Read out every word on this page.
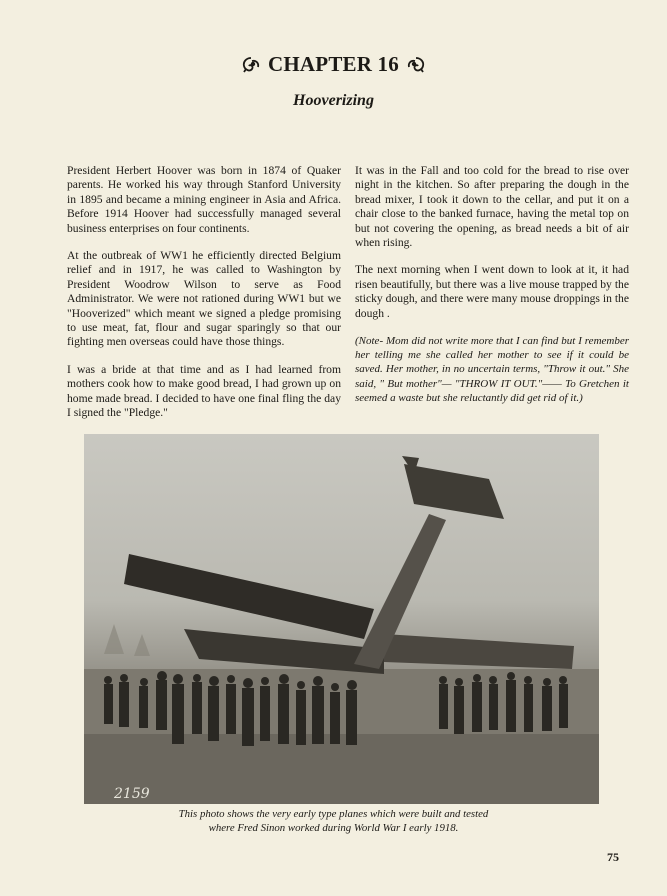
CHAPTER 16
Hooverizing

President Herbert Hoover was born in 1874 of Quaker parents. He worked his way through Stanford University in 1895 and became a mining engineer in Asia and Africa. Before 1914 Hoover had successfully managed several business enterprises on four continents.

At the outbreak of WW1 he efficiently directed Belgium relief and in 1917, he was called to Washington by President Woodrow Wilson to serve as Food Administrator. We were not rationed during WW1 but we "Hooverized" which meant we signed a pledge promising to use meat, fat, flour and sugar sparingly so that our fighting men overseas could have those things.

I was a bride at that time and as I had learned from mothers cook how to make good bread, I had grown up on home made bread. I decided to have one final fling the day I signed the "Pledge."

It was in the Fall and too cold for the bread to rise over night in the kitchen. So after preparing the dough in the bread mixer, I took it down to the cellar, and put it on a chair close to the banked furnace, having the metal top on but not covering the opening, as bread needs a bit of air when rising.

The next morning when I went down to look at it, it had risen beautifully, but there was a live mouse trapped by the sticky dough, and there were many mouse droppings in the dough .

(Note- Mom did not write more that I can find but I remember her telling me she called her mother to see if it could be saved. Her mother, in no uncertain terms, "Throw it out." She said, " But mother"— "THROW IT OUT."—— To Gretchen it seemed a waste but she reluctantly did get rid of it.)

2159
This photo shows the very early type planes which were built and tested
where Fred Sinon worked during World War I early 1918.
75
